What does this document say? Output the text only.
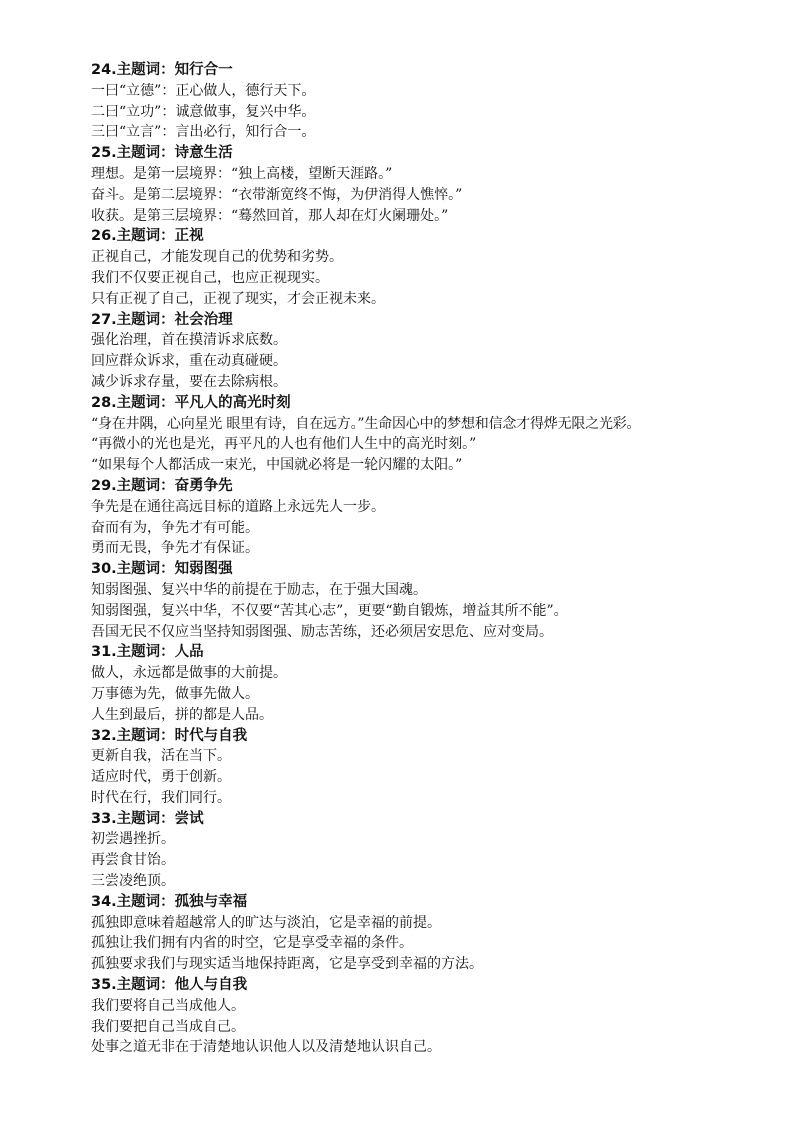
24.主题词：知行合一
一曰“立德”：正心做人，德行天下。
二曰“立功”：诚意做事，复兴中华。
三曰“立言”：言出必行，知行合一。
25.主题词：诗意生活
理想。是第一层境界：“独上高楼，望断天涯路。”
奋斗。是第二层境界：“衣带渐宽终不悔，为伊消得人憔悴。”
收获。是第三层境界：“蓦然回首，那人却在灯火阑珊处。”
26.主题词：正视
正视自己，才能发现自己的优势和劣势。
我们不仅要正视自己，也应正视现实。
只有正视了自己，正视了现实，才会正视未来。
27.主题词：社会治理
强化治理，首在摸清诉求底数。
回应群众诉求，重在动真碰硬。
减少诉求存量，要在去除病根。
28.主题词：平凡人的高光时刻
“身在井隅，心向星光 眼里有诗，自在远方。”生命因心中的梦想和信念才得烨无限之光彩。
“再微小的光也是光，再平凡的人也有他们人生中的高光时刻。”
“如果每个人都活成一束光，中国就必将是一轮闪耀的太阳。”
29.主题词：奋勇争先
争先是在通往高远目标的道路上永远先人一步。
奋而有为，争先才有可能。
勇而无畏，争先才有保证。
30.主题词：知弱图强
知弱图强、复兴中华的前提在于励志，在于强大国魂。
知弱图强，复兴中华，不仅要“苦其心志”，更要“勤自锻炼，增益其所不能”。
吾国无民不仅应当坚持知弱图强、励志苦练，还必须居安思危、应对变局。
31.主题词：人品
做人，永远都是做事的大前提。
万事德为先，做事先做人。
人生到最后，拼的都是人品。
32.主题词：时代与自我
更新自我，活在当下。
适应时代，勇于创新。
时代在行，我们同行。
33.主题词：尝试
初尝遇挫折。
再尝食甘饴。
三尝凌绝顶。
34.主题词：孤独与幸福
孤独即意味着超越常人的旷达与淡泊，它是幸福的前提。
孤独让我们拥有内省的时空，它是享受幸福的条件。
孤独要求我们与现实适当地保持距离，它是享受到幸福的方法。
35.主题词：他人与自我
我们要将自己当成他人。
我们要把自己当成自己。
处事之道无非在于清楚地认识他人以及清楚地认识自己。
